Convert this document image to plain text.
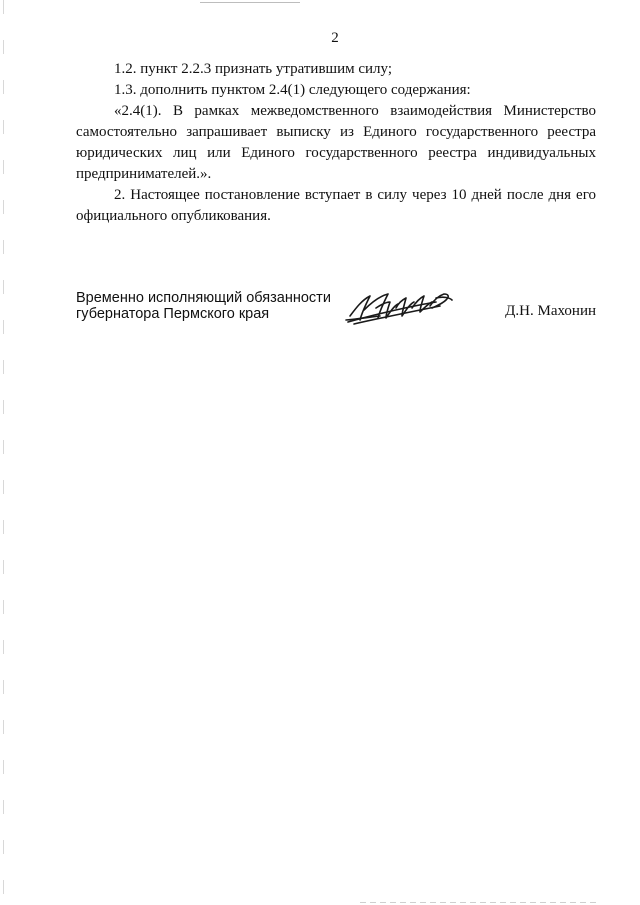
2

1.2. пункт 2.2.3 признать утратившим силу;

1.3. дополнить пунктом 2.4(1) следующего содержания:

«2.4(1). В рамках межведомственного взаимодействия Министерство самостоятельно запрашивает выписку из Единого государственного реестра юридических лиц или Единого государственного реестра индивидуальных предпринимателей.».

2. Настоящее постановление вступает в силу через 10 дней после дня его официального опубликования.

Временно исполняющий обязанности
губернатора Пермского края	Д.Н. Махонин
